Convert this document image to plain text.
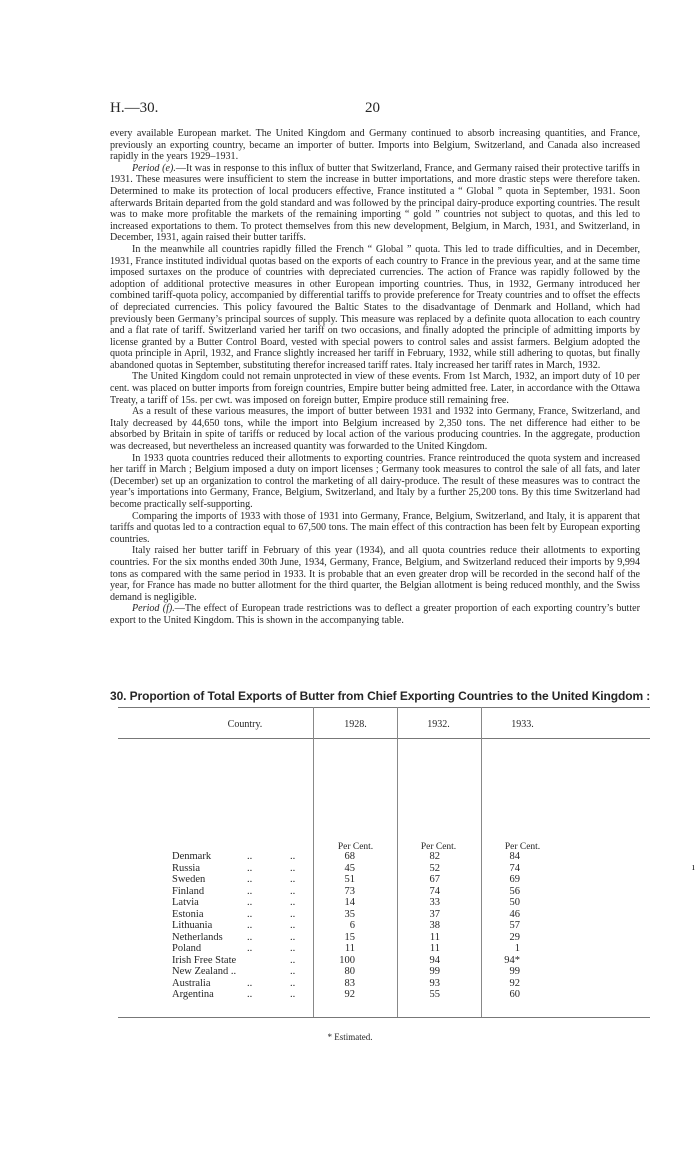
H.—30.	20

every available European market. The United Kingdom and Germany continued to absorb increasing quantities, and France, previously an exporting country, became an importer of butter. Imports into Belgium, Switzerland, and Canada also increased rapidly in the years 1929–1931.

Period (e).—It was in response to this influx of butter that Switzerland, France, and Germany raised their protective tariffs in 1931. These measures were insufficient to stem the increase in butter importations, and more drastic steps were therefore taken. Determined to make its protection of local producers effective, France instituted a “ Global ” quota in September, 1931. Soon afterwards Britain departed from the gold standard and was followed by the principal dairy-produce exporting countries. The result was to make more profitable the markets of the remaining importing “ gold ” countries not subject to quotas, and this led to increased exportations to them. To protect themselves from this new development, Belgium, in March, 1931, and Switzerland, in December, 1931, again raised their butter tariffs.

In the meanwhile all countries rapidly filled the French “ Global ” quota. This led to trade difficulties, and in December, 1931, France instituted individual quotas based on the exports of each country to France in the previous year, and at the same time imposed surtaxes on the produce of countries with depreciated currencies. The action of France was rapidly followed by the adoption of additional protective measures in other European importing countries. Thus, in 1932, Germany introduced her combined tariff-quota policy, accompanied by differential tariffs to provide preference for Treaty countries and to offset the effects of depreciated currencies. This policy favoured the Baltic States to the disadvantage of Denmark and Holland, which had previously been Germany’s principal sources of supply. This measure was replaced by a definite quota allocation to each country and a flat rate of tariff. Switzerland varied her tariff on two occasions, and finally adopted the principle of admitting imports by license granted by a Butter Control Board, vested with special powers to control sales and assist farmers. Belgium adopted the quota principle in April, 1932, and France slightly increased her tariff in February, 1932, while still adhering to quotas, but finally abandoned quotas in September, substituting therefor increased tariff rates. Italy increased her tariff rates in March, 1932.

The United Kingdom could not remain unprotected in view of these events. From 1st March, 1932, an import duty of 10 per cent. was placed on butter imports from foreign countries, Empire butter being admitted free. Later, in accordance with the Ottawa Treaty, a tariff of 15s. per cwt. was imposed on foreign butter, Empire produce still remaining free.

As a result of these various measures, the import of butter between 1931 and 1932 into Germany, France, Switzerland, and Italy decreased by 44,650 tons, while the import into Belgium increased by 2,350 tons. The net difference had either to be absorbed by Britain in spite of tariffs or reduced by local action of the various producing countries. In the aggregate, production was decreased, but nevertheless an increased quantity was forwarded to the United Kingdom.

In 1933 quota countries reduced their allotments to exporting countries. France reintroduced the quota system and increased her tariff in March ; Belgium imposed a duty on import licenses ; Germany took measures to control the sale of all fats, and later (December) set up an organization to control the marketing of all dairy-produce. The result of these measures was to contract the year’s importations into Germany, France, Belgium, Switzerland, and Italy by a further 25,200 tons. By this time Switzerland had become practically self-supporting.

Comparing the imports of 1933 with those of 1931 into Germany, France, Belgium, Switzerland, and Italy, it is apparent that tariffs and quotas led to a contraction equal to 67,500 tons. The main effect of this contraction has been felt by European exporting countries.

Italy raised her butter tariff in February of this year (1934), and all quota countries reduce their allotments to exporting countries. For the six months ended 30th June, 1934, Germany, France, Belgium, and Switzerland reduced their imports by 9,994 tons as compared with the same period in 1933. It is probable that an even greater drop will be recorded in the second half of the year, for France has made no butter allotment for the third quarter, the Belgian allotment is being reduced monthly, and the Swiss demand is negligible.

Period (f).—The effect of European trade restrictions was to deflect a greater proportion of each exporting country’s butter export to the United Kingdom. This is shown in the accompanying table.

30. Proportion of Total Exports of Butter from Chief Exporting Countries to the United Kingdom :
Country.	1928.	1932.	1933.
Per Cent.	Per Cent.	Per Cent.
Denmark	68	82	84
..	..
Russia	45	52	74
..	..
Sweden	51	67	69
..	..
Finland	73	74	56
..	..
Latvia	14	33	50
..	..
Estonia	35	37	46
..	..
Lithuania	6	38	57
..	..
Netherlands	15	11	29
..	..
Poland	11	11	1
..	..
Irish Free State	100	94	94*
..
New Zealand ..	80	99	99
..
Australia	83	93	92
..	..
Argentina	92	55	60
..	..
* Estimated.
ı
